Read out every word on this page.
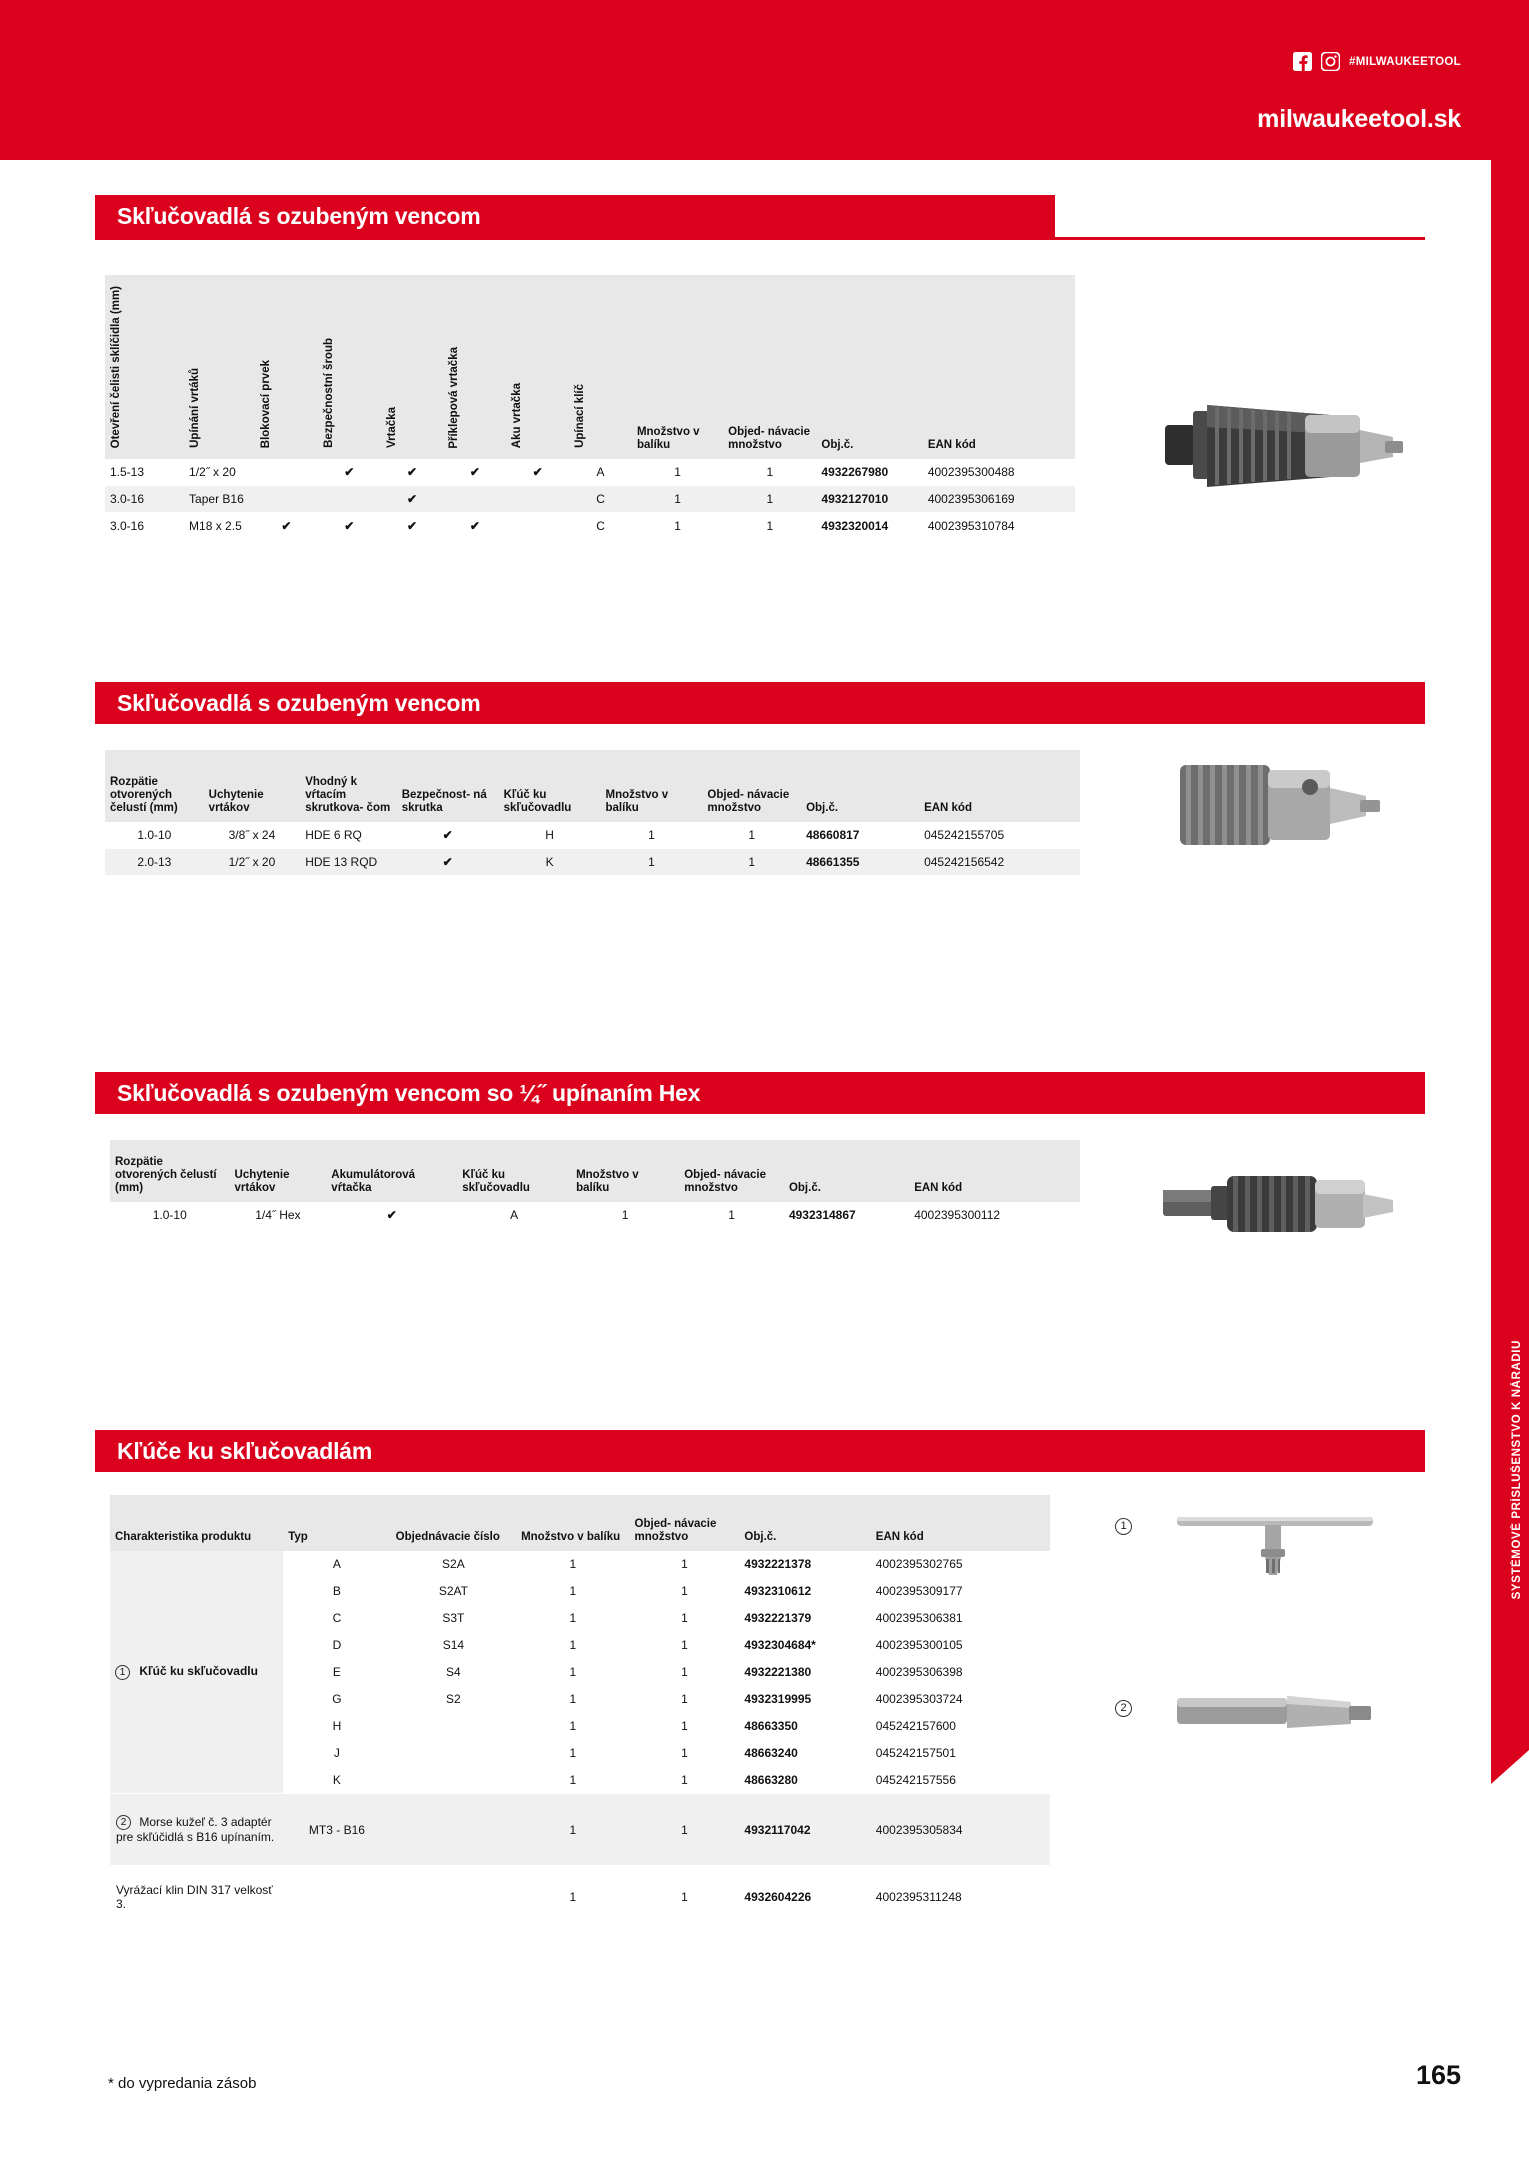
#MILWAUKEETOOL
milwaukeetool.sk
SYSTÉMOVÉ PRÍSLUŠENSTVO K NÁRADIU
Skľučovadlá s ozubeným vencom
Otevření čelisti sklíčidla (mm)	Upínání vrtáků	Blokovací prvek	Bezpečnostní šroub	Vrtačka	Příklepová vrtačka	Aku vrtačka	Upínací klíč	Množstvo v balíku	Objed- návacie množstvo	Obj.č.	EAN kód
1.5-13	1/2˝ x 20		✔	✔	✔	✔	A	1	1	4932267980	4002395300488
3.0-16	Taper B16			✔			C	1	1	4932127010	4002395306169
3.0-16	M18 x 2.5	✔	✔	✔	✔		C	1	1	4932320014	4002395310784
Skľučovadlá s ozubeným vencom
Rozpätie otvorených čelustí (mm)	Uchytenie vrtákov	Vhodný k vŕtacím skrutkova- čom	Bezpečnost- ná skrutka	Kľúč ku skľučovadlu	Množstvo v balíku	Objed- návacie množstvo	Obj.č.	EAN kód
1.0-10	3/8˝ x 24	HDE 6 RQ	✔	H	1	1	48660817	045242155705
2.0-13	1/2˝ x 20	HDE 13 RQD	✔	K	1	1	48661355	045242156542
Skľučovadlá s ozubeným vencom so ¼˝ upínaním Hex
Rozpätie otvorených čelustí (mm)	Uchytenie vrtákov	Akumulátorová vŕtačka	Kľúč ku skľučovadlu	Množstvo v balíku	Objed- návacie množstvo	Obj.č.	EAN kód
1.0-10	1/4˝ Hex	✔	A	1	1	4932314867	4002395300112
Kľúče ku skľučovadlám
Charakteristika produktu	Typ	Objednávacie číslo	Množstvo v balíku	Objed- návacie množstvo	Obj.č.	EAN kód
1 Kľúč ku skľučovadlu	A	S2A	1	1	4932221378	4002395302765
	B	S2AT	1	1	4932310612	4002395309177
	C	S3T	1	1	4932221379	4002395306381
	D	S14	1	1	4932304684*	4002395300105
	E	S4	1	1	4932221380	4002395306398
	G	S2	1	1	4932319995	4002395303724
	H		1	1	48663350	045242157600
	J		1	1	48663240	045242157501
	K		1	1	48663280	045242157556
2 Morse kužeľ č. 3 adaptér pre skľúčidlá s B16 upínaním.	MT3 - B16		1	1	4932117042	4002395305834
Vyrážací klin DIN 317 velkosť 3.			1	1	4932604226	4002395311248
1
2
* do vypredania zásob	165
